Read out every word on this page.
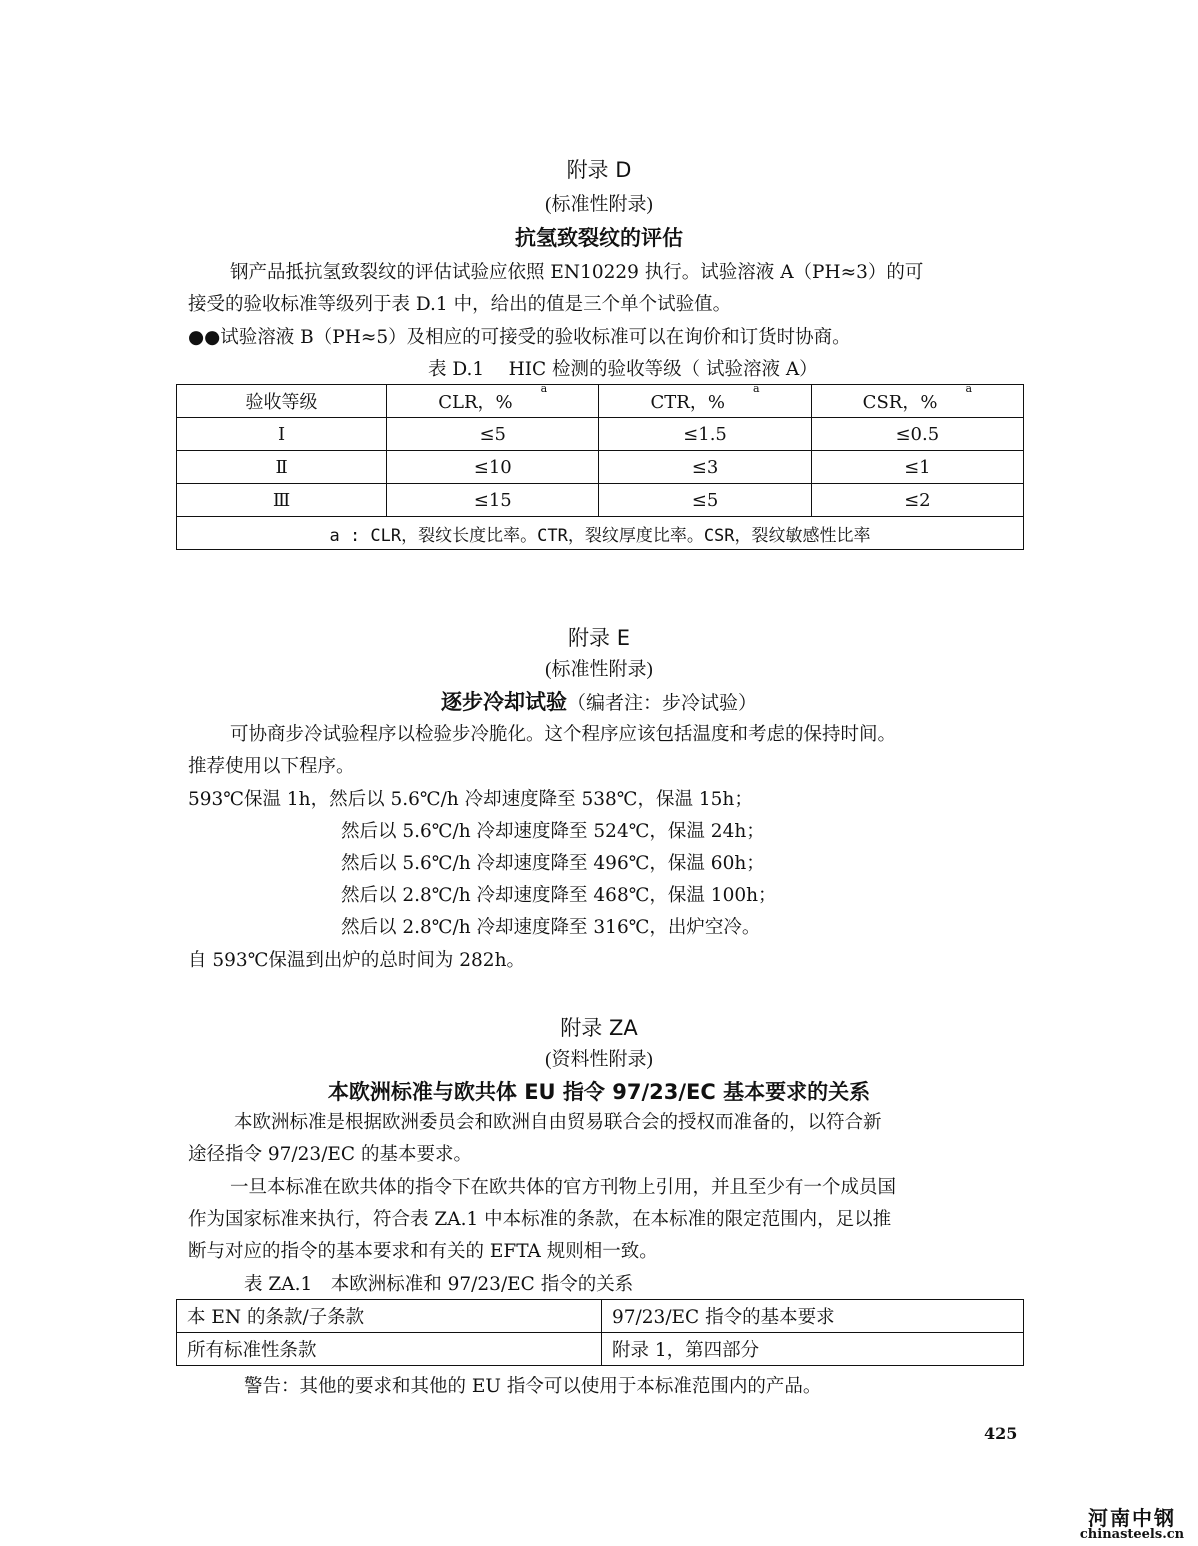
附录 D
(标准性附录)
抗氢致裂纹的评估
钢产品抵抗氢致裂纹的评估试验应依照 EN10229 执行。试验溶液 A（PH≈3）的可
接受的验收标准等级列于表 D.1 中，给出的值是三个单个试验值。
●●试验溶液 B（PH≈5）及相应的可接受的验收标准可以在询价和订货时协商。
表 D.1　 HIC 检测的验收等级（ 试验溶液 A）
验收等级	CLR，%$^a$	CTR，%$^a$	CSR，%$^a$
Ⅰ	≤5	≤1.5	≤0.5
Ⅱ	≤10	≤3	≤1
Ⅲ	≤15	≤5	≤2
a : CLR，裂纹长度比率。CTR，裂纹厚度比率。CSR，裂纹敏感性比率			
附录 E
(标准性附录)
逐步冷却试验（编者注：步冷试验）
可协商步冷试验程序以检验步冷脆化。这个程序应该包括温度和考虑的保持时间。
推荐使用以下程序。
593℃保温 1h，然后以 5.6℃/h 冷却速度降至 538℃，保温 15h；
然后以 5.6℃/h 冷却速度降至 524℃，保温 24h；
然后以 5.6℃/h 冷却速度降至 496℃，保温 60h；
然后以 2.8℃/h 冷却速度降至 468℃，保温 100h；
然后以 2.8℃/h 冷却速度降至 316℃，出炉空冷。
自 593℃保温到出炉的总时间为 282h。
附录 ZA
(资料性附录)
本欧洲标准与欧共体 EU 指令 97/23/EC 基本要求的关系
本欧洲标准是根据欧洲委员会和欧洲自由贸易联合会的授权而准备的，以符合新
途径指令 97/23/EC 的基本要求。
一旦本标准在欧共体的指令下在欧共体的官方刊物上引用，并且至少有一个成员国
作为国家标准来执行，符合表 ZA.1 中本标准的条款，在本标准的限定范围内，足以推
断与对应的指令的基本要求和有关的 EFTA 规则相一致。
表 ZA.1　本欧洲标准和 97/23/EC 指令的关系
本 EN 的条款/子条款	97/23/EC 指令的基本要求
所有标准性条款	附录 1，第四部分
警告：其他的要求和其他的 EU 指令可以使用于本标准范围内的产品。
425
河南中钢
chinasteels.cn
